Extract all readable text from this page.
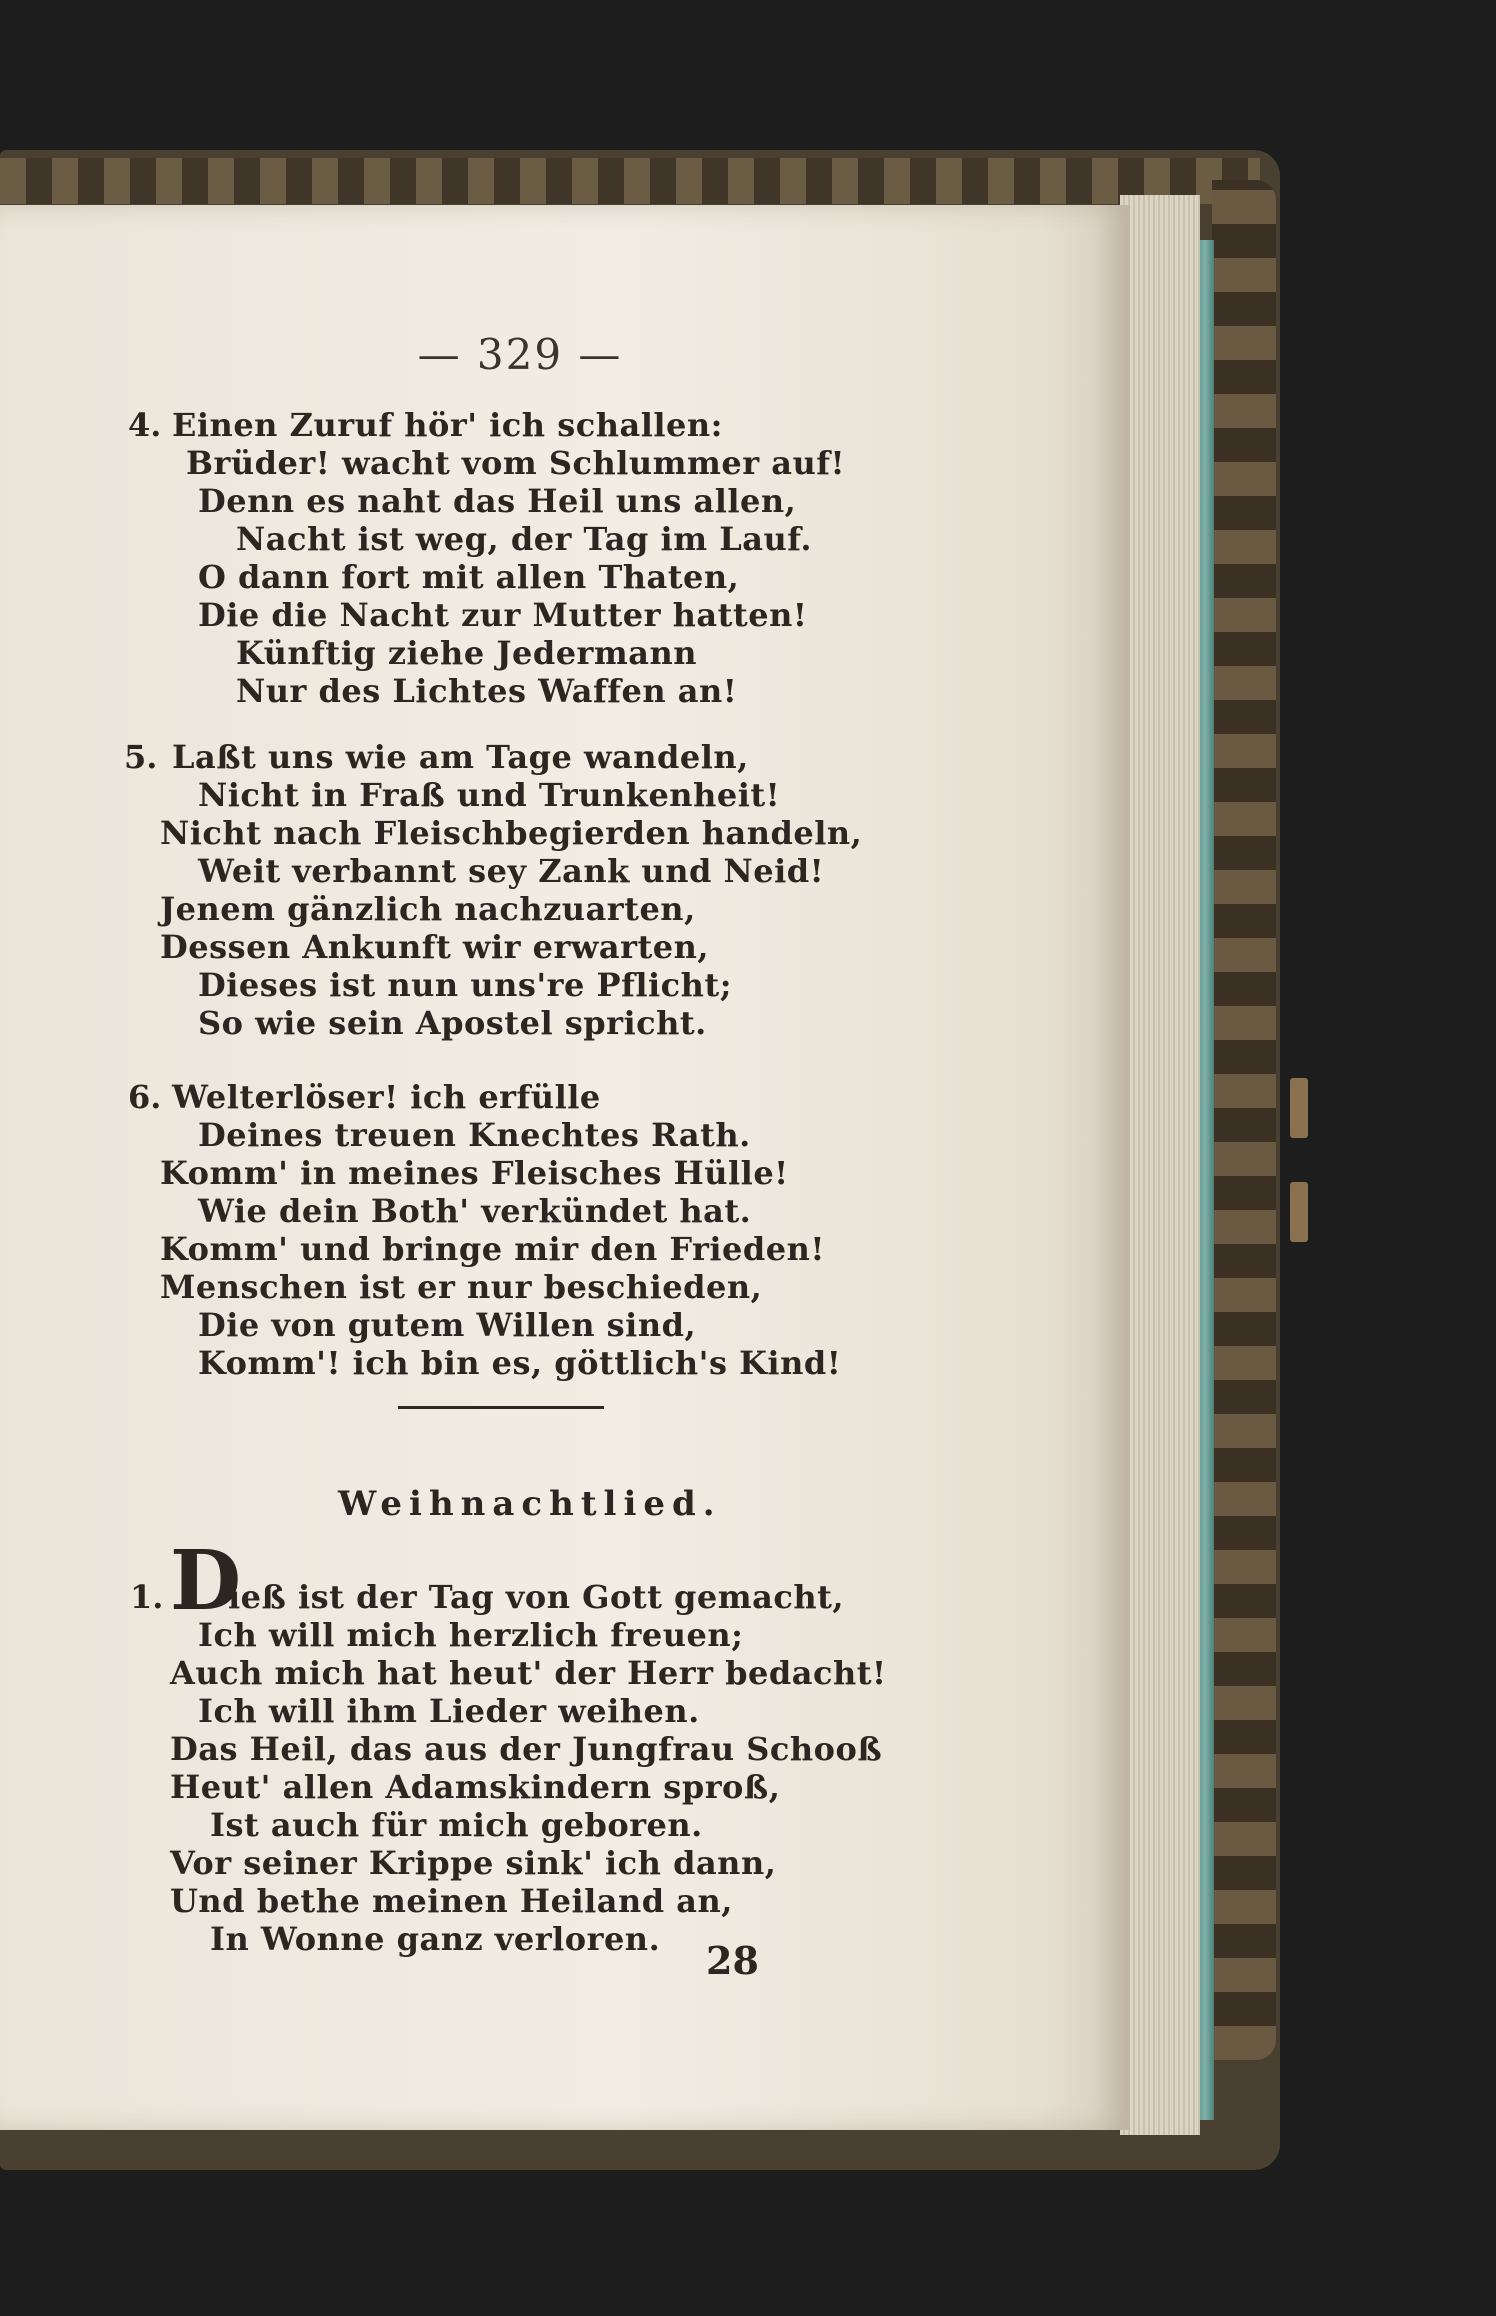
— 329 —
4. Einen Zuruf hör' ich schallen:
Brüder! wacht vom Schlummer auf!
Denn es naht das Heil uns allen,
Nacht ist weg, der Tag im Lauf.
O dann fort mit allen Thaten,
Die die Nacht zur Mutter hatten!
Künftig ziehe Jedermann
Nur des Lichtes Waffen an!
5. Laßt uns wie am Tage wandeln,
Nicht in Fraß und Trunkenheit!
Nicht nach Fleischbegierden handeln,
Weit verbannt sey Zank und Neid!
Jenem gänzlich nachzuarten,
Dessen Ankunft wir erwarten,
Dieses ist nun uns're Pflicht;
So wie sein Apostel spricht.
6. Welterlöser! ich erfülle
Deines treuen Knechtes Rath.
Komm' in meines Fleisches Hülle!
Wie dein Both' verkündet hat.
Komm' und bringe mir den Frieden!
Menschen ist er nur beschieden,
Die von gutem Willen sind,
Komm'! ich bin es, göttlich's Kind!
Weihnachtlied.
1. D
ieß ist der Tag von Gott gemacht,
Ich will mich herzlich freuen;
Auch mich hat heut' der Herr bedacht!
Ich will ihm Lieder weihen.
Das Heil, das aus der Jungfrau Schooß
Heut' allen Adamskindern sproß,
Ist auch für mich geboren.
Vor seiner Krippe sink' ich dann,
Und bethe meinen Heiland an,
In Wonne ganz verloren. 28
